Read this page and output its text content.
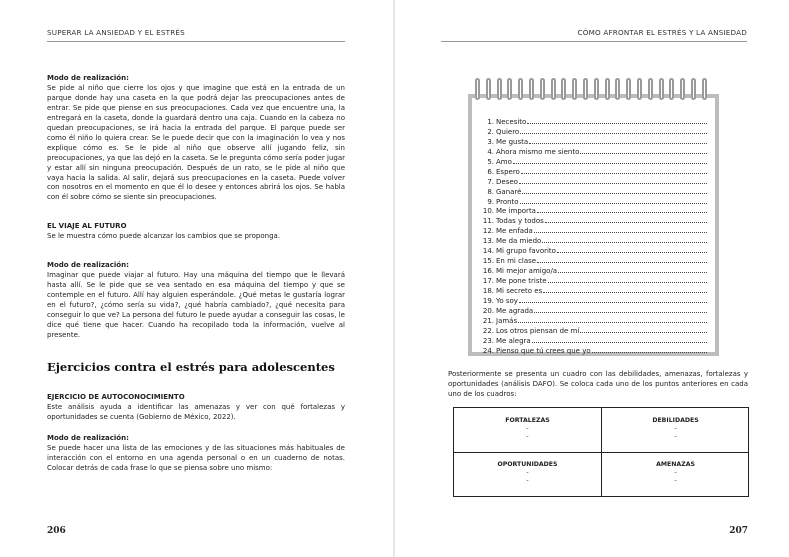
SUPERAR LA ANSIEDAD Y EL ESTRÉS
Modo de realización:
Se pide al niño que cierre los ojos y que imagine que está en la entrada de un parque donde hay una caseta en la que podrá dejar las preocupaciones antes de entrar. Se pide que piense en sus preocupaciones. Cada vez que encuentre una, la entregará en la caseta, donde la guardará dentro una caja. Cuando en la cabeza no quedan preocupaciones, se irá hacia la entrada del parque. El parque puede ser como él niño lo quiera crear. Se le puede decir que con la imaginación lo vea y nos explique cómo es. Se le pide al niño que observe allí jugando feliz, sin preocupaciones, ya que las dejó en la caseta. Se le pregunta cómo sería poder jugar y estar allí sin ninguna preocupación. Después de un rato, se le pide al niño que vaya hacia la salida. Al salir, dejará sus preocupaciones en la caseta. Puede volver con nosotros en el momento en que él lo desee y entonces abrirá los ojos. Se habla con él sobre cómo se siente sin preocupaciones.
EL VIAJE AL FUTURO
Se le muestra cómo puede alcanzar los cambios que se proponga.
Modo de realización:
Imaginar que puede viajar al futuro. Hay una máquina del tiempo que le llevará hasta allí. Se le pide que se vea sentado en esa máquina del tiempo y que se contemple en el futuro. Allí hay alguien esperándole. ¿Qué metas le gustaría lograr en el futuro?, ¿cómo sería su vida?, ¿qué habría cambiado?, ¿qué necesita para conseguir lo que ve? La persona del futuro le puede ayudar a conseguir las cosas, le dice qué tiene que hacer. Cuando ha recopilado toda la información, vuelve al presente.
Ejercicios contra el estrés para adolescentes
EJERCICIO DE AUTOCONOCIMIENTO
Este análisis ayuda a identificar las amenazas y ver con qué fortalezas y oportunidades se cuenta (Gobierno de México, 2022).
Modo de realización:
Se puede hacer una lista de las emociones y de las situaciones más habituales de interacción con el entorno en una agenda personal o en un cuaderno de notas. Colocar detrás de cada frase lo que se piensa sobre uno mismo:
206
CÓMO AFRONTAR EL ESTRÉS Y LA ANSIEDAD
1. Necesito
2. Quiero
3. Me gusta
4. Ahora mismo me siento
5. Amo
6. Espero
7. Deseo
8. Ganaré
9. Pronto
10. Me importa
11. Todas y todos
12. Me enfada
13. Me da miedo
14. Mi grupo favorito
15. En mi clase
16. Mi mejor amigo/a
17. Me pone triste
18. Mi secreto es
19. Yo soy
20. Me agrada
21. Jamás
22. Los otros piensan de mí
23. Me alegra
24. Pienso que tú crees que yo
Posteriormente se presenta un cuadro con las debilidades, amenazas, fortalezas y oportunidades (análisis DAFO). Se coloca cada uno de los puntos anteriores en cada uno de los cuadros:
FORTALEZAS
-
-
DEBILIDADES
-
-
OPORTUNIDADES
-
-
AMENAZAS
-
-
207
